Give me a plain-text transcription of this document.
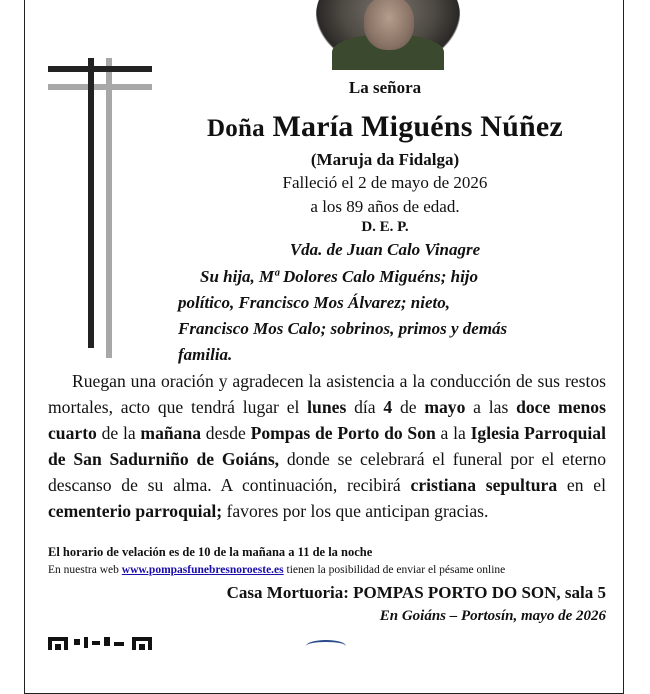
La señora
Doña María Miguéns Núñez
(Maruja da Fidalga)
Falleció el 2 de mayo de 2026
a los 89 años de edad.
D. E. P.
Vda. de Juan Calo Vinagre
Su hija, Mª Dolores Calo Miguéns; hijo
político, Francisco Mos Álvarez; nieto,
Francisco Mos Calo; sobrinos, primos y demás
familia.
Ruegan una oración y agradecen la asistencia a la conducción de sus restos mortales, acto que tendrá lugar el lunes día 4 de mayo a las doce menos cuarto de la mañana desde Pompas de Porto do Son a la Iglesia Parroquial de San Sadurniño de Goiáns, donde se celebrará el funeral por el eterno descanso de su alma. A continuación, recibirá cristiana sepultura en el cementerio parroquial; favores por los que anticipan gracias.
El horario de velación es de 10 de la mañana a 11 de la noche
En nuestra web www.pompasfunebresnoroeste.es tienen la posibilidad de enviar el pésame online
Casa Mortuoria: POMPAS PORTO DO SON, sala 5
En Goiáns – Portosín, mayo de 2026
